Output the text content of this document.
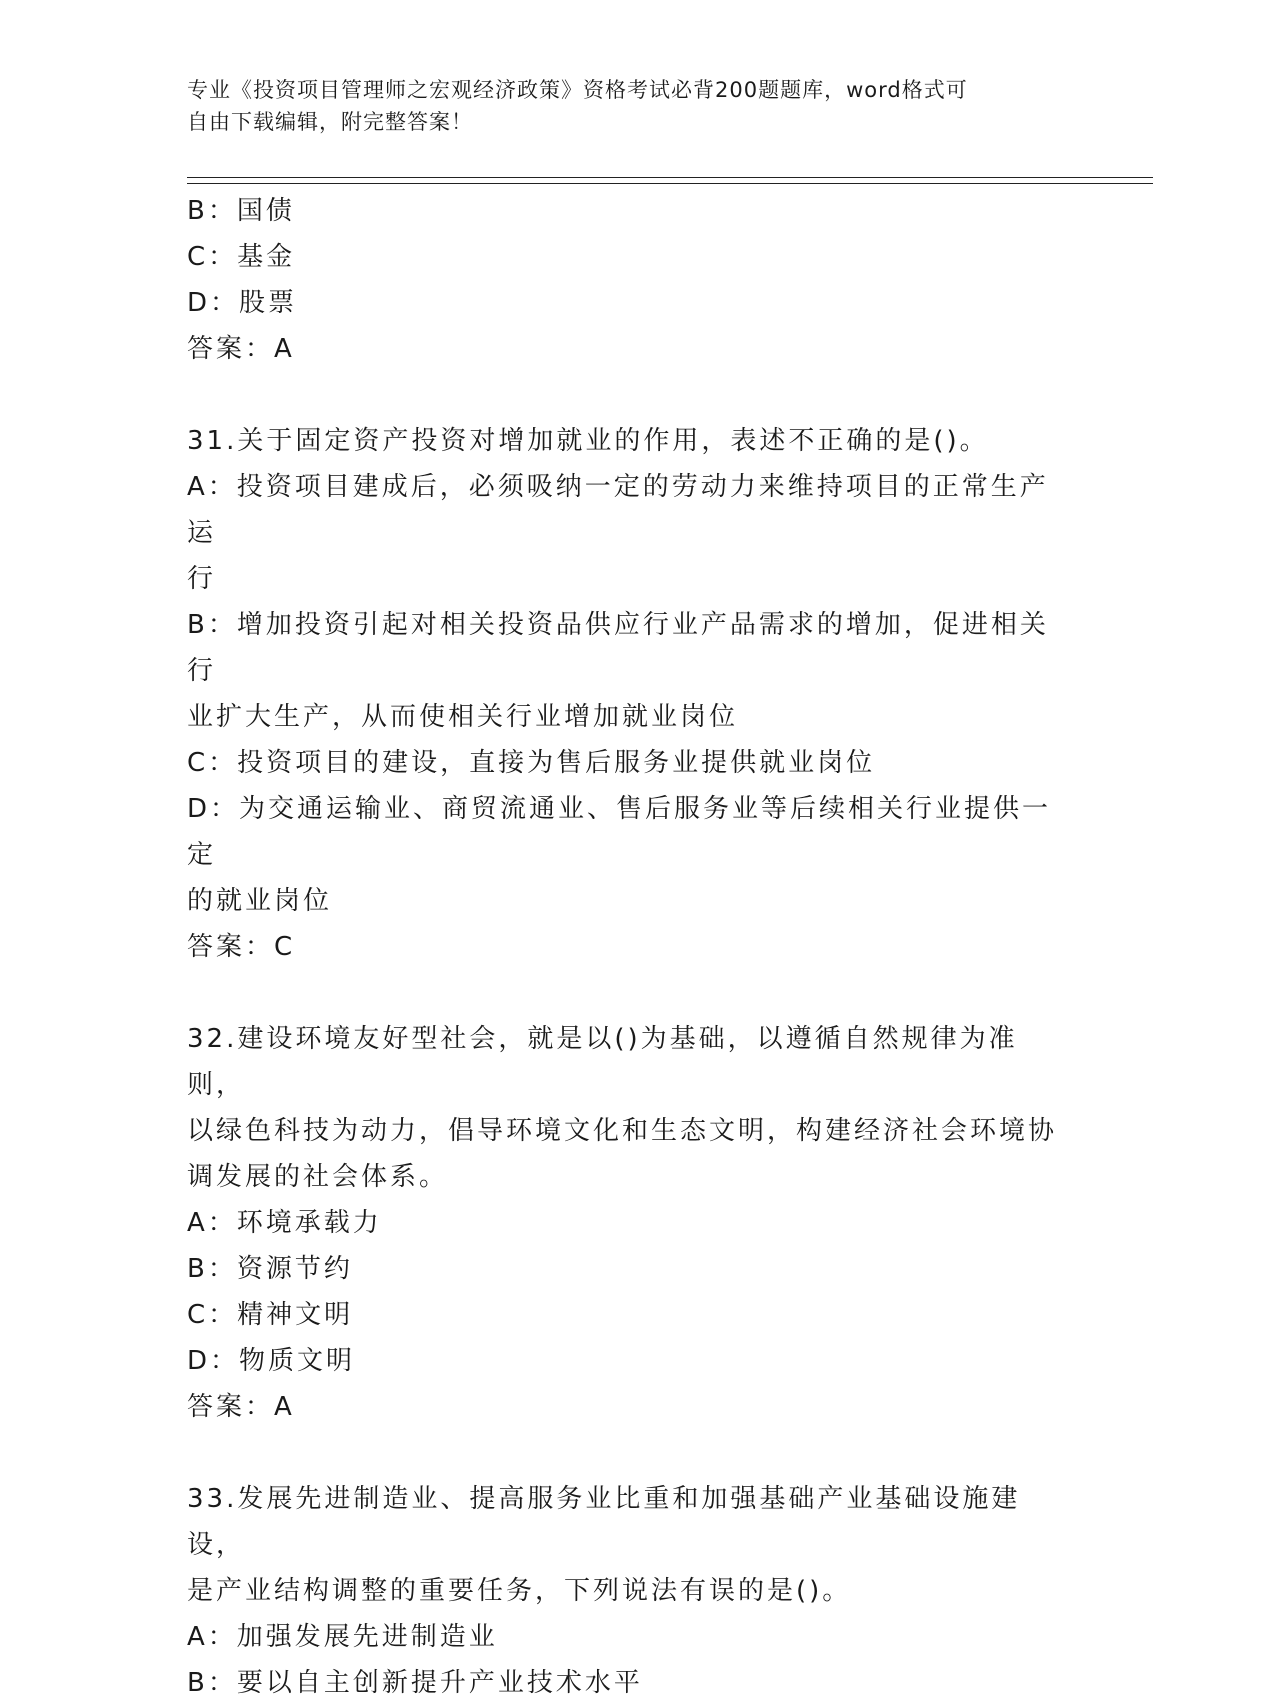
专业《投资项目管理师之宏观经济政策》资格考试必背200题题库，word格式可
自由下载编辑，附完整答案！
B：国债
C：基金
D：股票
答案：A
31.关于固定资产投资对增加就业的作用，表述不正确的是()。
A：投资项目建成后，必须吸纳一定的劳动力来维持项目的正常生产运
行
B：增加投资引起对相关投资品供应行业产品需求的增加，促进相关行
业扩大生产，从而使相关行业增加就业岗位
C：投资项目的建设，直接为售后服务业提供就业岗位
D：为交通运输业、商贸流通业、售后服务业等后续相关行业提供一定
的就业岗位
答案：C
32.建设环境友好型社会，就是以()为基础，以遵循自然规律为准则，
以绿色科技为动力，倡导环境文化和生态文明，构建经济社会环境协
调发展的社会体系。
A：环境承载力
B：资源节约
C：精神文明
D：物质文明
答案：A
33.发展先进制造业、提高服务业比重和加强基础产业基础设施建设，
是产业结构调整的重要任务，下列说法有误的是()。
A：加强发展先进制造业
B：要以自主创新提升产业技术水平
